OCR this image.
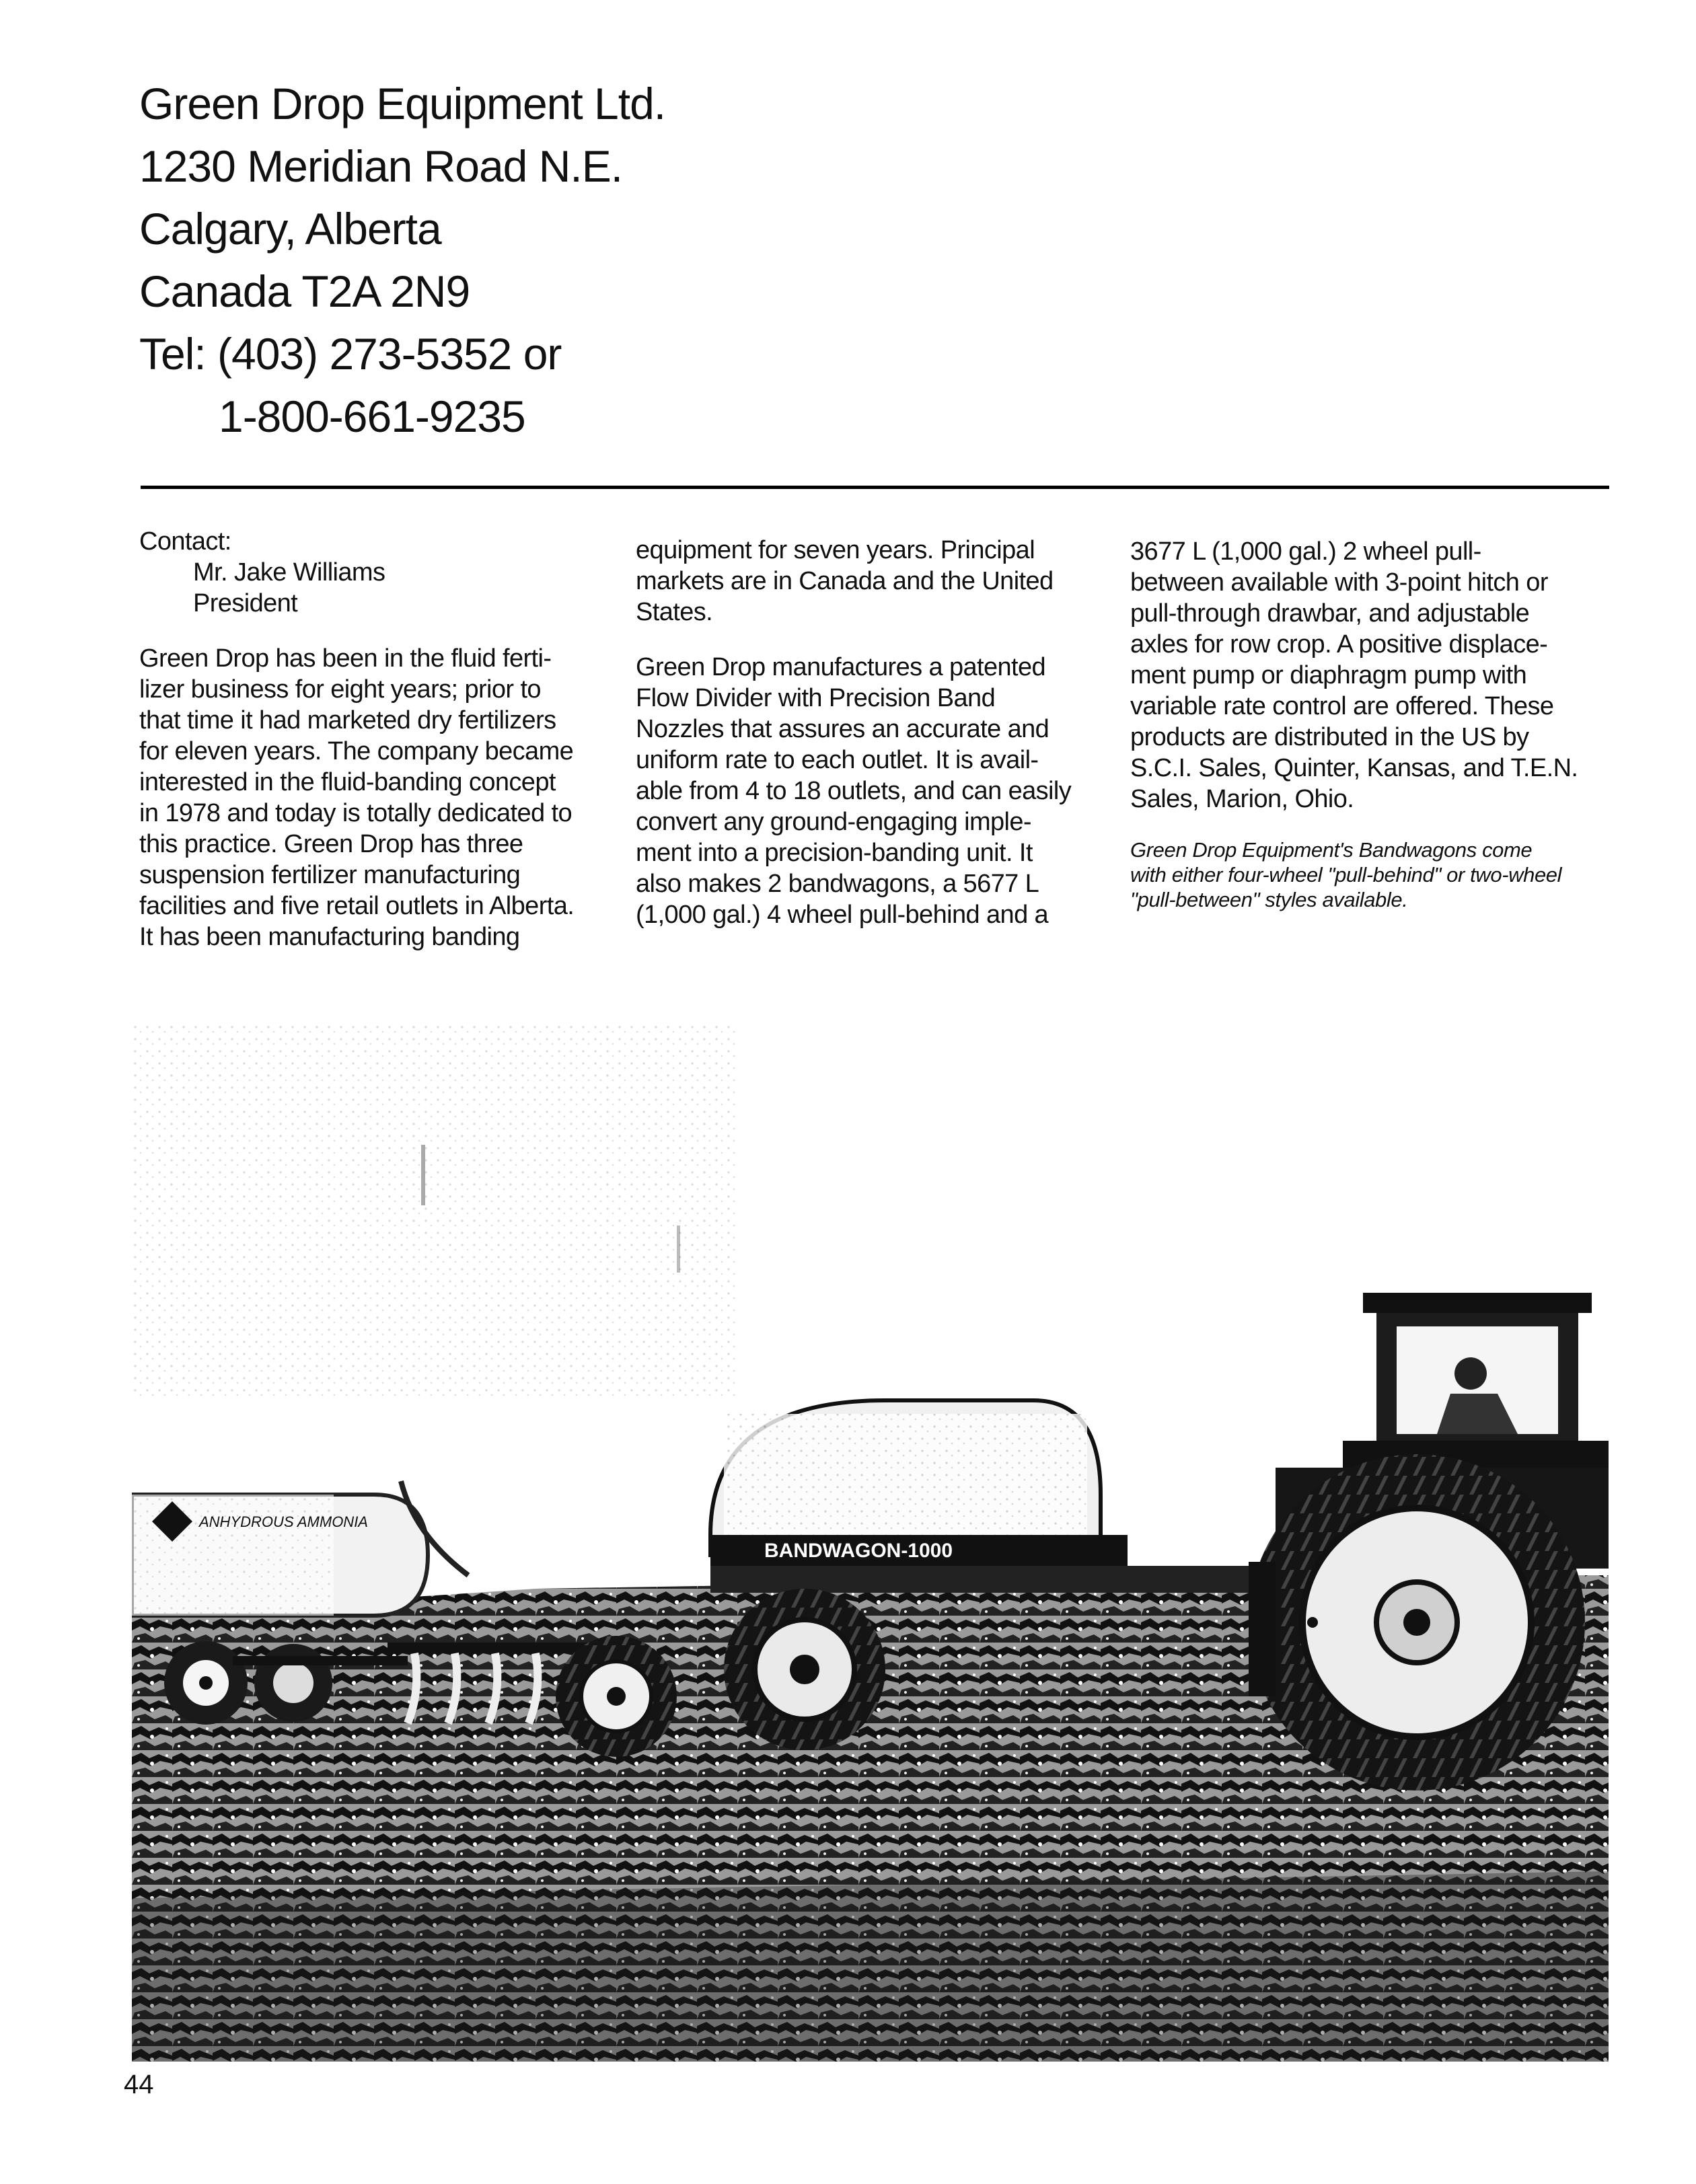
Green Drop Equipment Ltd.
1230 Meridian Road N.E.
Calgary, Alberta
Canada T2A 2N9
Tel: (403) 273-5352 or
1-800-661-9235

Contact:

Mr. Jake Williams

President

Green Drop has been in the fluid ferti-

lizer business for eight years; prior to

that time it had marketed dry fertilizers

for eleven years. The company became

interested in the fluid-banding concept

in 1978 and today is totally dedicated to

this practice. Green Drop has three

suspension fertilizer manufacturing

facilities and five retail outlets in Alberta.

It has been manufacturing banding

equipment for seven years. Principal

markets are in Canada and the United

States.

Green Drop manufactures a patented

Flow Divider with Precision Band

Nozzles that assures an accurate and

uniform rate to each outlet. It is avail-

able from 4 to 18 outlets, and can easily

convert any ground-engaging imple-

ment into a precision-banding unit. It

also makes 2 bandwagons, a 5677 L

(1,000 gal.) 4 wheel pull-behind and a

3677 L (1,000 gal.) 2 wheel pull-

between available with 3-point hitch or

pull-through drawbar, and adjustable

axles for row crop. A positive displace-

ment pump or diaphragm pump with

variable rate control are offered. These

products are distributed in the US by

S.C.I. Sales, Quinter, Kansas, and T.E.N.

Sales, Marion, Ohio.

Green Drop Equipment's Bandwagons come

with either four-wheel "pull-behind" or two-wheel

"pull-between" styles available.

ANHYDROUS AMMONIA
BANDWAGON-1000
44
